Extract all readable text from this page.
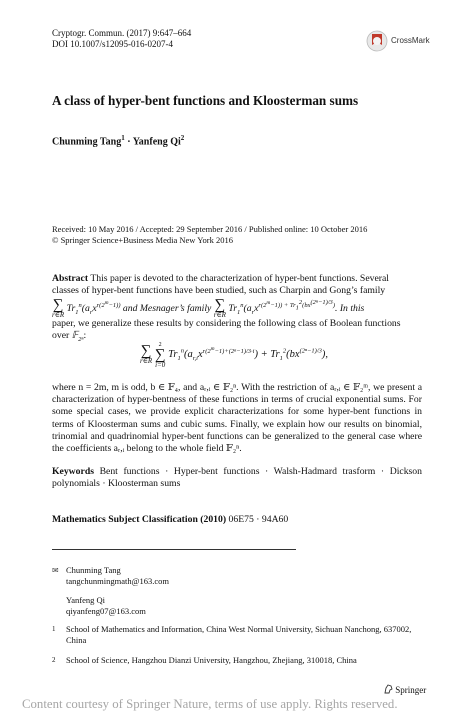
Cryptogr. Commun. (2017) 9:647–664
DOI 10.1007/s12095-016-0207-4	CrossMark
A class of hyper-bent functions and Kloosterman sums
Chunming Tang$^1$ · Yanfeng Qi$^2$
Received: 10 May 2016 / Accepted: 29 September 2016 / Published online: 10 October 2016
© Springer Science+Business Media New York 2016
Abstract This paper is devoted to the characterization of hyper-bent functions. Several
classes of hyper-bent functions have been studied, such as Charpin and Gong’s family
∑
r∈R $Tr_1^n(a_rx^{r(2^m-1))}$ and Mesnager’s family ∑
r∈R $Tr_1^n(a_rx^{r(2^m-1)) + Tr12(bx(2^n-1)/3)}$. In this
paper, we generalize these results by considering the following class of Boolean functions
over 𝔽$_{2^n}$:
∑
r∈R 2
∑
i=0 $Tr_1^n(a_{r,i}x^{r(2^m-1)+(2^n-1)/3\cdot i}) + Tr_1^2(bx^{(2^n-1)/3})$,
where n = 2m, m is odd, b ∈ 𝔽₄, and aᵣ,ᵢ ∈ 𝔽₂ⁿ. With the restriction of aᵣ,ᵢ ∈ 𝔽₂ᵐ, we present a characterization of hyper-bentness of these functions in terms of crucial exponential sums. For some special cases, we provide explicit characterizations for some hyper-bent functions in terms of Kloosterman sums and cubic sums. Finally, we explain how our results on binomial, trinomial and quadrinomial hyper-bent functions can be generalized to the general case where the coefficients aᵣ,ᵢ belong to the whole field 𝔽₂ⁿ.
Keywords Bent functions · Hyper-bent functions · Walsh-Hadmard trasform · Dickson polynomials · Kloosterman sums
Mathematics Subject Classification (2010) 06E75 · 94A60
✉ Chunming Tang
tangchunmingmath@163.com
Yanfeng Qi
qiyanfeng07@163.com
1 School of Mathematics and Information, China West Normal University, Sichuan Nanchong, 637002, China
2 School of Science, Hangzhou Dianzi University, Hangzhou, Zhejiang, 310018, China
Springer
Content courtesy of Springer Nature, terms of use apply. Rights reserved.
